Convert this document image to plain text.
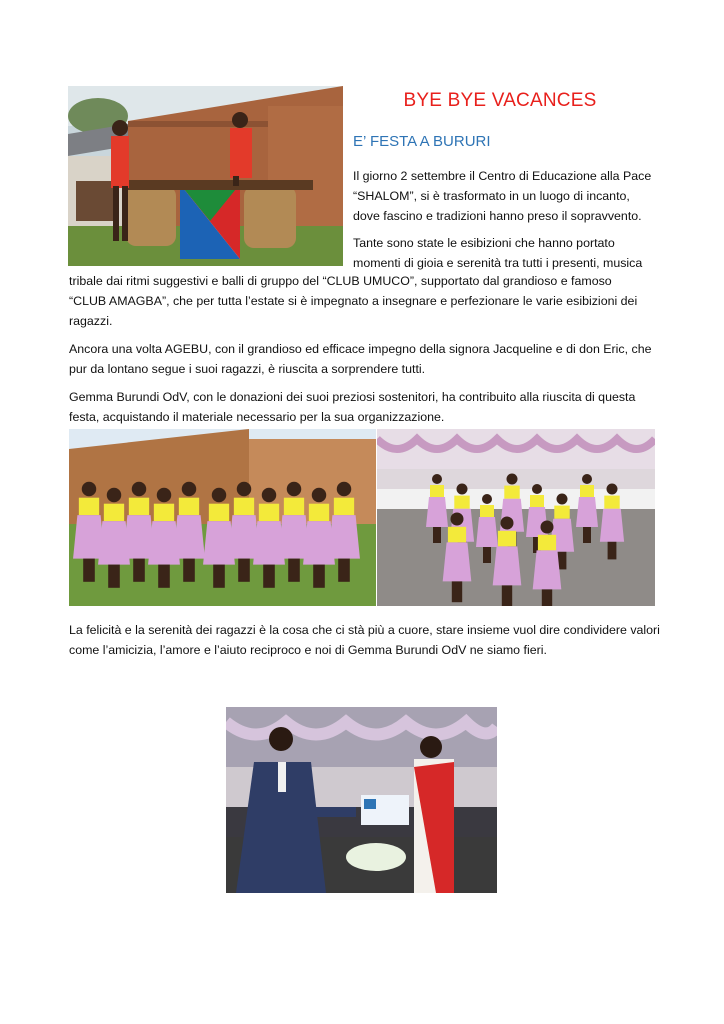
BYE BYE VACANCES
E’ FESTA A BURURI
Il giorno 2 settembre il Centro di Educazione alla Pace
“SHALOM”, si è trasformato in un luogo di incanto,
dove fascino e tradizioni hanno preso il sopravvento.
Tante sono state le esibizioni che hanno portato
momenti di gioia e serenità tra tutti i presenti, musica
tribale dai ritmi suggestivi e balli di gruppo del “CLUB UMUCO”, supportato dal grandioso e famoso
“CLUB AMAGBA”, che per tutta l’estate si è impegnato a insegnare e perfezionare le varie esibizioni dei
ragazzi.
Ancora una volta AGEBU, con il grandioso ed efficace impegno della signora Jacqueline e di don Eric, che
pur da lontano segue i suoi ragazzi, è riuscita a sorprendere tutti.
Gemma Burundi OdV, con le donazioni dei suoi preziosi sostenitori, ha contribuito alla riuscita di questa
festa, acquistando il materiale necessario per la sua organizzazione.
La felicità e la serenità dei ragazzi è la cosa che ci stà più a cuore, stare insieme vuol dire condividere valori
come l’amicizia, l’amore e l’aiuto reciproco e noi di Gemma Burundi OdV ne siamo fieri.
